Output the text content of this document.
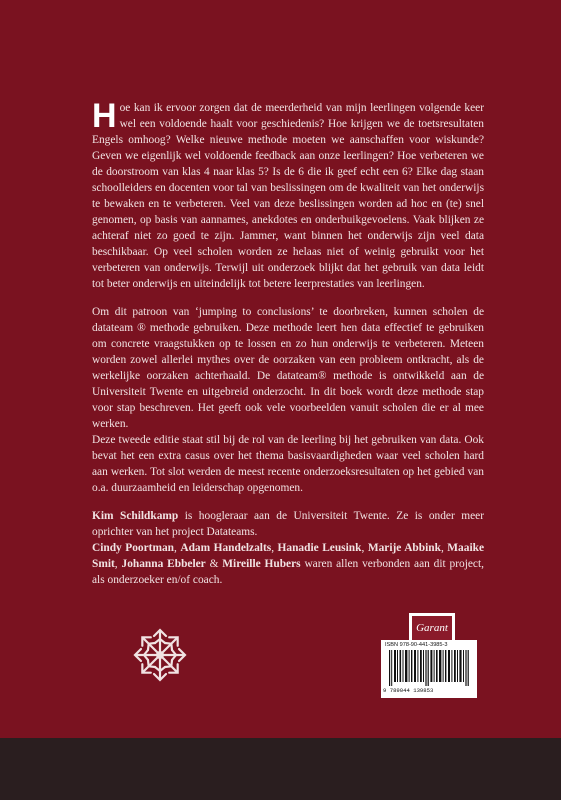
Hoe kan ik ervoor zorgen dat de meerderheid van mijn leerlingen volgende keer wel een voldoende haalt voor geschiedenis? Hoe krijgen we de toetsresultaten Engels omhoog? Welke nieuwe methode moeten we aanschaffen voor wiskunde? Geven we eigenlijk wel voldoende feedback aan onze leerlingen? Hoe verbeteren we de doorstroom van klas 4 naar klas 5? Is de 6 die ik geef echt een 6? Elke dag staan schoolleiders en docenten voor tal van beslissingen om de kwaliteit van het onderwijs te bewaken en te verbeteren. Veel van deze beslissingen worden ad hoc en (te) snel genomen, op basis van aannames, anekdotes en onderbuikgevoelens. Vaak blijken ze achteraf niet zo goed te zijn. Jammer, want binnen het onderwijs zijn veel data beschikbaar. Op veel scholen worden ze helaas niet of weinig gebruikt voor het verbeteren van onderwijs. Terwijl uit onderzoek blijkt dat het gebruik van data leidt tot beter onderwijs en uiteindelijk tot betere leerprestaties van leerlingen.

Om dit patroon van ‘jumping to conclusions’ te doorbreken, kunnen scholen de datateam ® methode gebruiken. Deze methode leert hen data effectief te gebruiken om concrete vraagstukken op te lossen en zo hun onderwijs te verbeteren. Meteen worden zowel allerlei mythes over de oorzaken van een probleem ontkracht, als de werkelijke oorzaken achterhaald. De datateam® methode is ontwikkeld aan de Universiteit Twente en uitgebreid onderzocht. In dit boek wordt deze methode stap voor stap beschreven. Het geeft ook vele voorbeelden vanuit scholen die er al mee werken.

Deze tweede editie staat stil bij de rol van de leerling bij het gebruiken van data. Ook bevat het een extra casus over het thema basisvaardigheden waar veel scholen hard aan werken. Tot slot werden de meest recente onderzoeksresultaten op het gebied van o.a. duurzaamheid en leiderschap opgenomen.

Kim Schildkamp is hoogleraar aan de Universiteit Twente. Ze is onder meer oprichter van het project Datateams.
Cindy Poortman, Adam Handelzalts, Hanadie Leusink, Marije Abbink, Maaike Smit, Johanna Ebbeler & Mireille Hubers waren allen verbonden aan dit project, als onderzoeker en/of coach.

Garant
ISBN 978-90-441-3985-3
9 789044 139853
